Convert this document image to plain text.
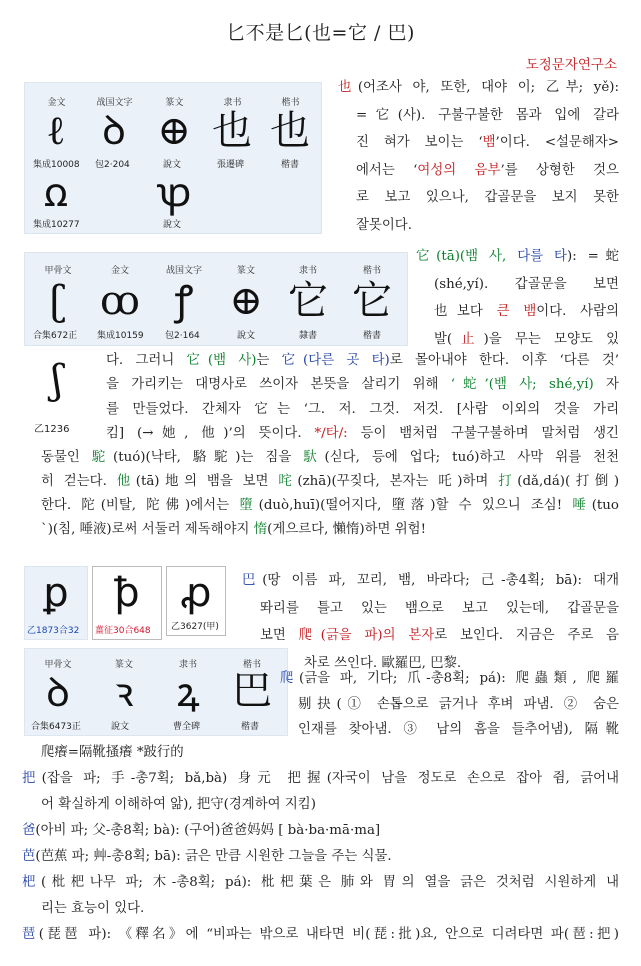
匕不是匕(也=它 / 巴)
도정문자연구소
金文	战国文字	篆文	隶书	楷书
ℓ ꝺ ⊕ 也 也
集成10008 包2·204	說文	張遷碑	楷書
ꭥ	ꝕ
集成10277	說文
也(어조사 야, 또한, 대야 이; 乙부; yě):
=它(사). 구불구불한 몸과 입에 갈라
진 혀가 보이는 ‘뱀’이다. <설문해자>
에서는 ‘여성의 음부’를 상형한 것으
로 보고 있으나, 갑골문을 보지 못한
잘못이다.
甲骨文	金文	战国文字	篆文	隶书	楷书
ʗ ꝏ ꝭ ⊕ 它 它
合集672正 集成10159 包2·164	說文	隸書	楷書
ʃ
乙1236
它(tā)(뱀 사, 다를 타): =蛇
(shé,yí). 갑골문을 보면
也보다 큰 뱀이다. 사람의
발(止)을 무는 모양도 있
다. 그러니 它(뱀 사)는 它(다른 곳 타)로 몰아내야 한다. 이후 ‘다른 것’
을 가리키는 대명사로 쓰이자 본뜻을 살리기 위해 ‘蛇’(뱀 사; shé,yí) 자
를 만들었다. 간체자 它는 ‘그. 저. 그것. 저것. [사람 이외의 것을 가리
킴] (→她, 他)’의 뜻이다. */타/: 등이 뱀처럼 구불구불하며 말처럼 생긴
동물인 駝(tuó)(낙타, 駱駝)는 짐을 馱(싣다, 등에 업다; tuó)하고 사막 위를 천천
히 걷는다. 他(tā)地의 뱀을 보면 咤(zhā)(꾸짖다, 본자는 吒)하며 打(dǎ,dá)(打倒)
한다. 陀(비탈, 陀佛)에서는 墮(duò,huī)(떨어지다, 墮落)할 수 있으니 조심! 唾(tuo
`)(침, 唾液)로써 서둘러 제독해야지 惰(게으르다, 懶惰)하면 위험!
ꝑ
乙1873合32
ꝥ
薑征30合648
ꝓ
乙3627(甲)
甲骨文	篆文	隶书	楷书
ꝺ	ꝛ	ꝝ 巴
合集6473正	說文	曹全碑	楷書
巴(땅 이름 파, 꼬리, 뱀, 바라다; 己-총4획; bā): 대개
똬리를 틀고 있는 뱀으로 보고 있는데, 갑골문을
보면 爬(긁을 파)의 본자로 보인다. 지금은 주로 음
차로 쓰인다. 歐羅巴, 巴黎.
爬(긁을 파, 기다; 爪-총8획; pá): 爬蟲類, 爬羅
剔抉(① 손톱으로 긁거나 후벼 파냄. ② 숨은
인재를 찾아냄. ③ 남의 흠을 들추어냄), 隔靴
爬癢=隔靴搔癢 *跛行的
把(잡을 파; 手-총7획; bǎ,bà) 身元 把握(자국이 남을 정도로 손으로 잡아 쥠, 긁어내
어 확실하게 이해하여 앎), 把守(경계하여 지킴)
爸(아비 파; 父-총8획; bà): (구어)爸爸妈妈 [ bà·ba·mā·ma]
芭(芭蕉 파; 艸-총8획; bā): 긁은 만큼 시원한 그늘을 주는 식물.
杷(枇杷나무 파; 木-총8획; pá): 枇杷葉은 肺와 胃의 열을 긁은 것처럼 시원하게 내
리는 효능이 있다.
琶(琵琶 파): 《釋名》에 “비파는 밖으로 내타면 비(琵:批)요, 안으로 디려타면 파(琶:把)
